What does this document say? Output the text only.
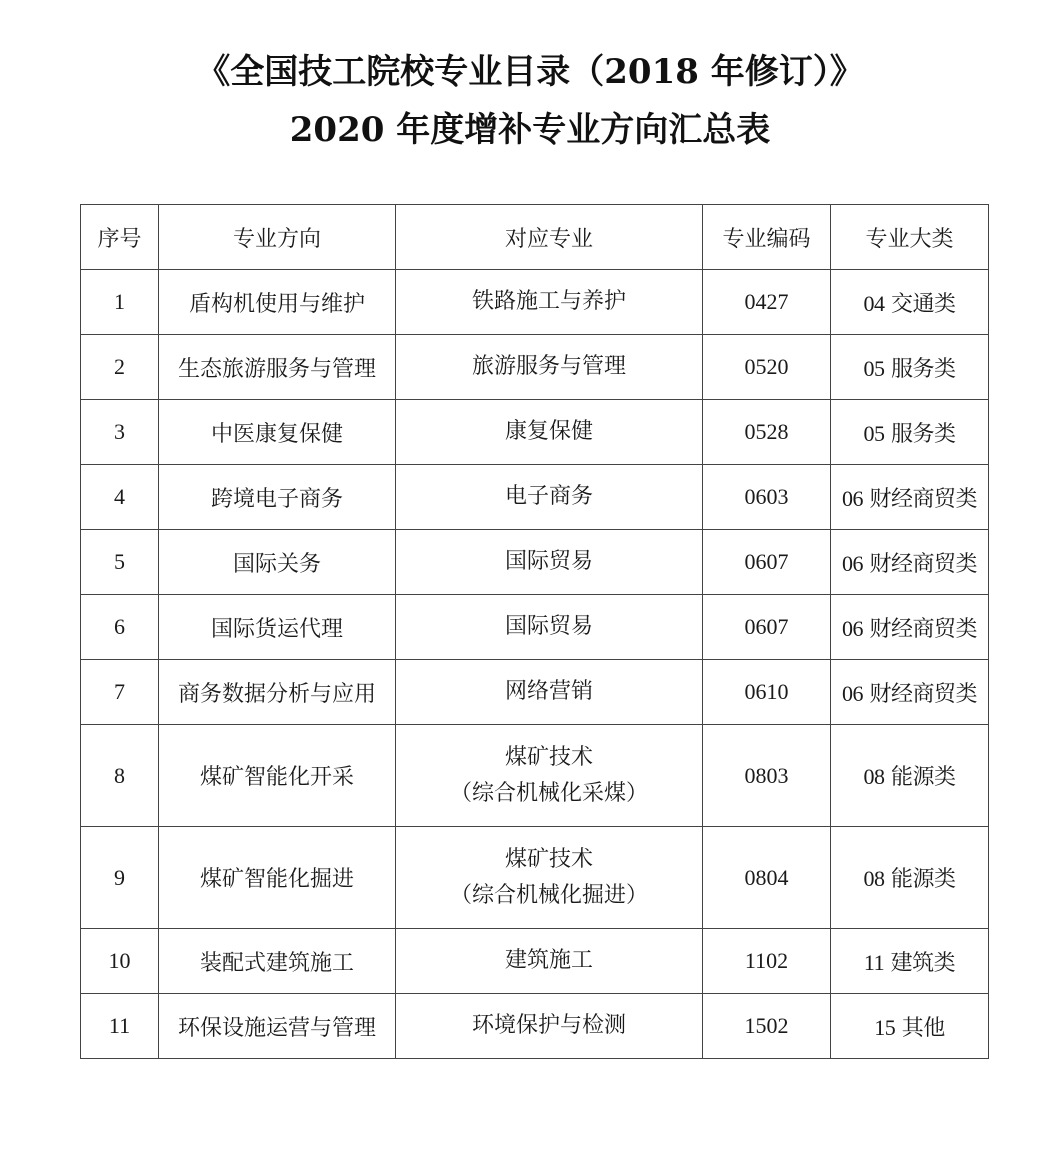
《全国技工院校专业目录（2018 年修订）》
2020 年度增补专业方向汇总表
序号	专业方向	对应专业	专业编码	专业大类
1	盾构机使用与维护	铁路施工与养护	0427	04 交通类
2	生态旅游服务与管理	旅游服务与管理	0520	05 服务类
3	中医康复保健	康复保健	0528	05 服务类
4	跨境电子商务	电子商务	0603	06 财经商贸类
5	国际关务	国际贸易	0607	06 财经商贸类
6	国际货运代理	国际贸易	0607	06 财经商贸类
7	商务数据分析与应用	网络营销	0610	06 财经商贸类
8	煤矿智能化开采	煤矿技术
（综合机械化采煤）	0803	08 能源类
9	煤矿智能化掘进	煤矿技术
（综合机械化掘进）	0804	08 能源类
10	装配式建筑施工	建筑施工	1102	11 建筑类
11	环保设施运营与管理	环境保护与检测	1502	15 其他
